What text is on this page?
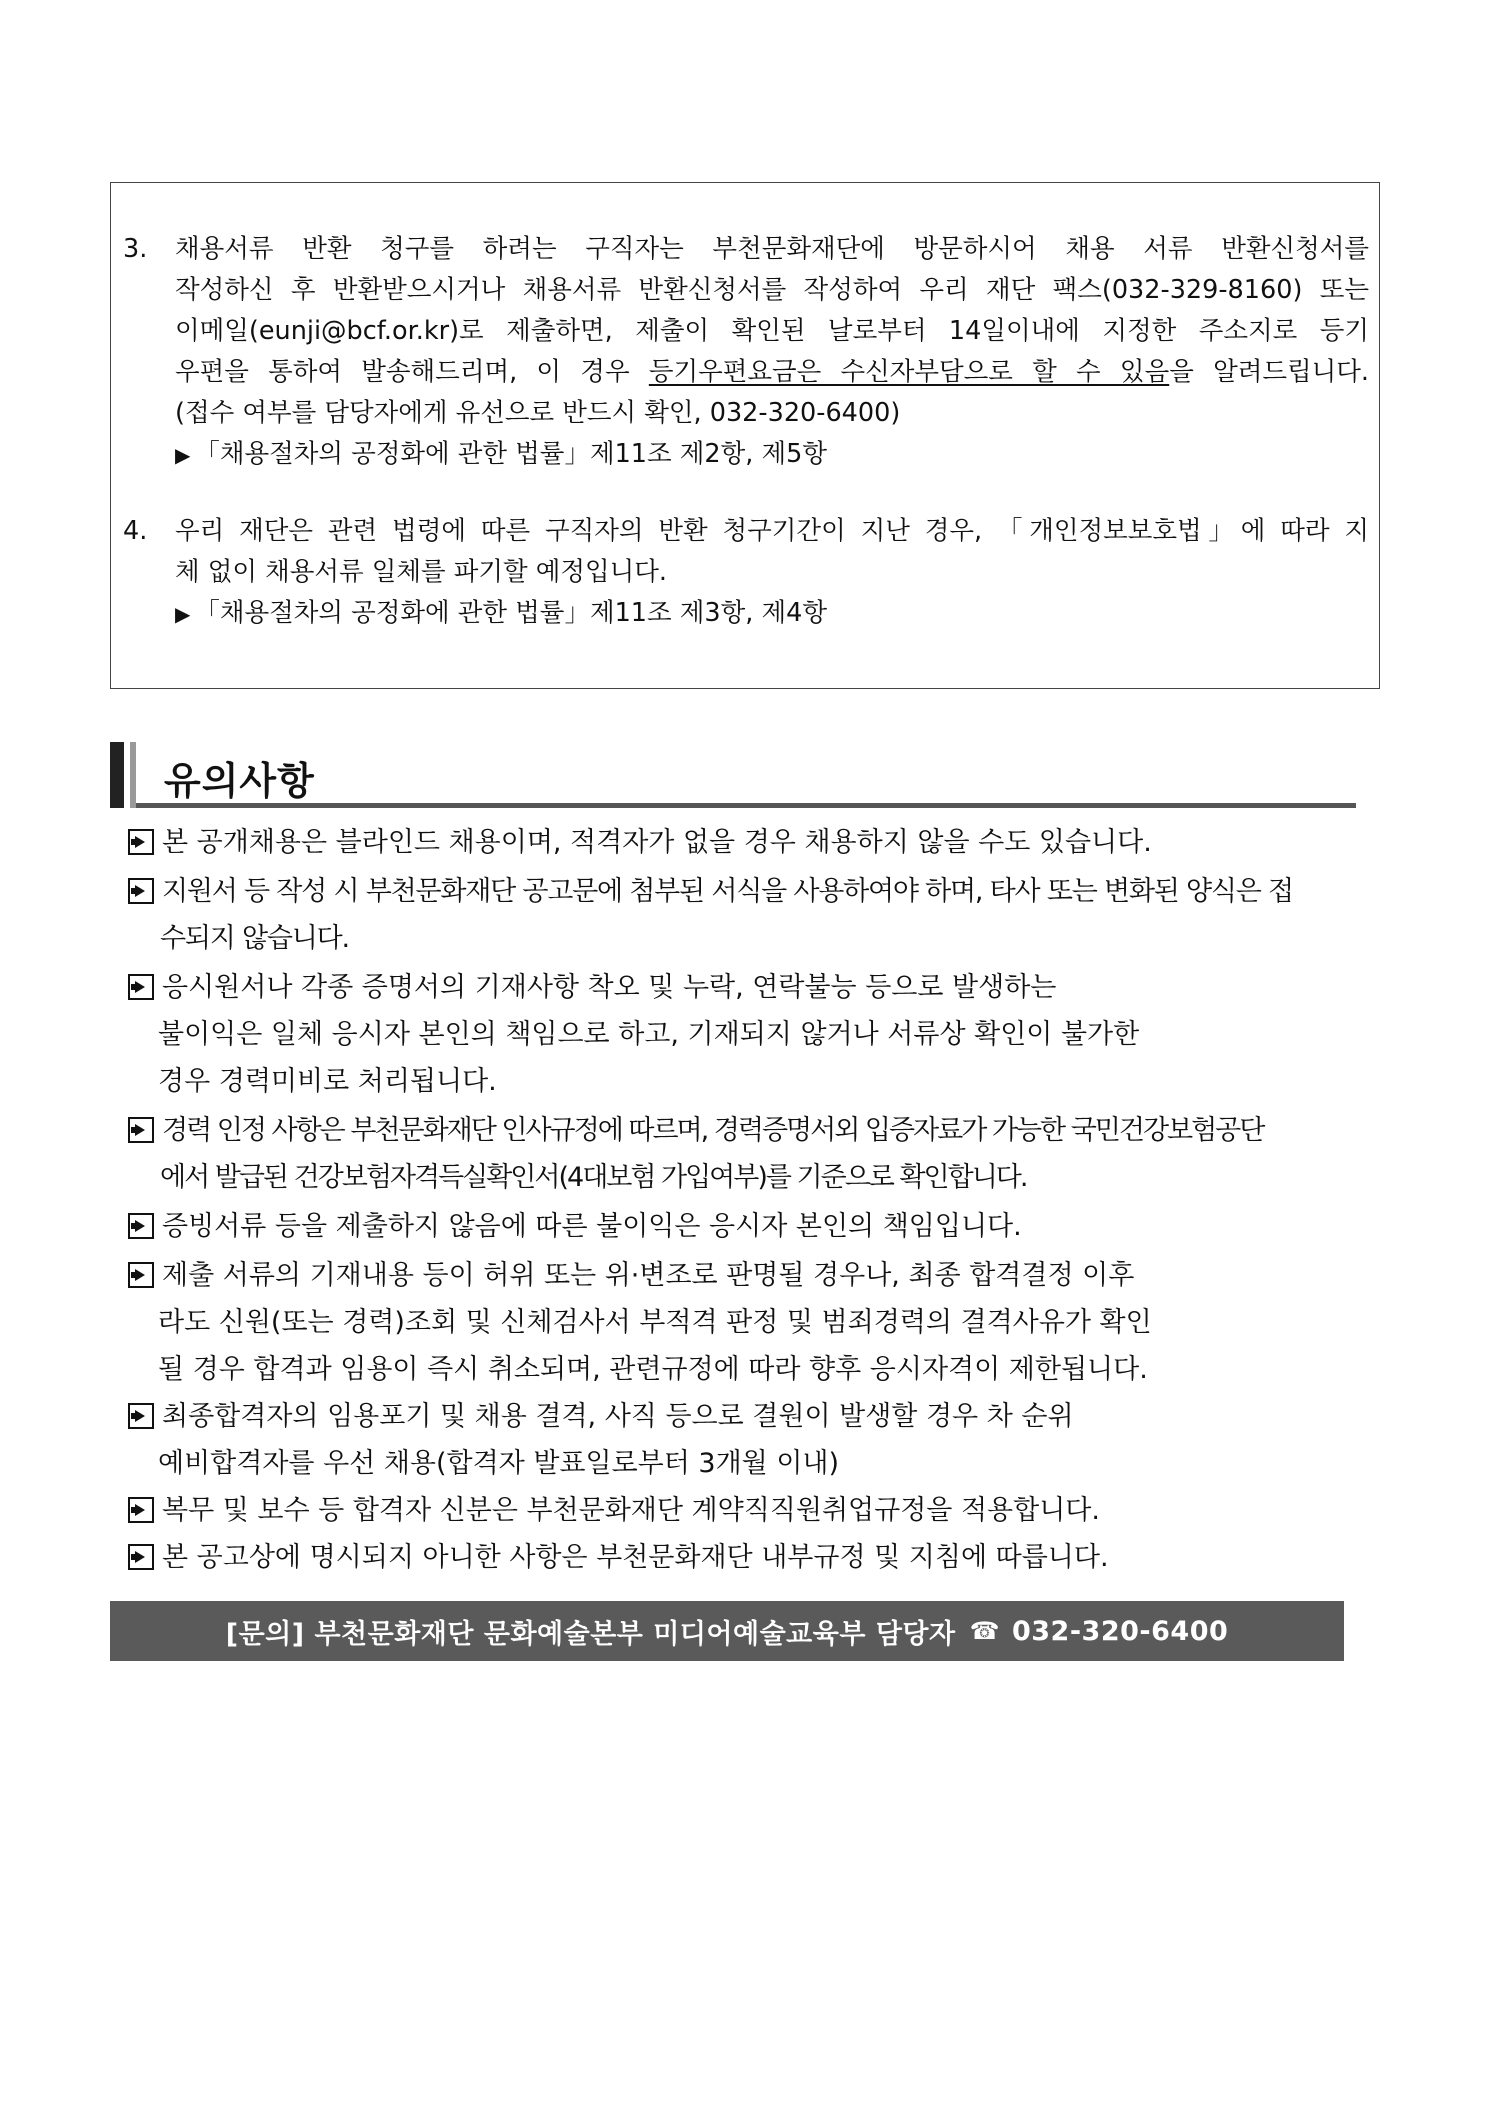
3. 채용서류 반환 청구를 하려는 구직자는 부천문화재단에 방문하시어 채용 서류 반환신청서를
작성하신 후 반환받으시거나 채용서류 반환신청서를 작성하여 우리 재단 팩스(032-329-8160) 또는
이메일(eunji@bcf.or.kr)로 제출하면, 제출이 확인된 날로부터 14일이내에 지정한 주소지로 등기
우편을 통하여 발송해드리며, 이 경우 등기우편요금은 수신자부담으로 할 수 있음을 알려드립니다.
(접수 여부를 담당자에게 유선으로 반드시 확인, 032-320-6400)
▶ 「채용절차의 공정화에 관한 법률」제11조 제2항, 제5항
4. 우리 재단은 관련 법령에 따른 구직자의 반환 청구기간이 지난 경우, 「개인정보보호법」에 따라 지
체 없이 채용서류 일체를 파기할 예정입니다.
▶ 「채용절차의 공정화에 관한 법률」제11조 제3항, 제4항
유의사항
본 공개채용은 블라인드 채용이며, 적격자가 없을 경우 채용하지 않을 수도 있습니다.
지원서 등 작성 시 부천문화재단 공고문에 첨부된 서식을 사용하여야 하며, 타사 또는 변화된 양식은 접
수되지 않습니다.
응시원서나 각종 증명서의 기재사항 착오 및 누락, 연락불능 등으로 발생하는
불이익은 일체 응시자 본인의 책임으로 하고, 기재되지 않거나 서류상 확인이 불가한
경우 경력미비로 처리됩니다.
경력 인정 사항은 부천문화재단 인사규정에 따르며, 경력증명서외 입증자료가 가능한 국민건강보험공단
에서 발급된 건강보험자격득실확인서(4대보험 가입여부)를 기준으로 확인합니다.
증빙서류 등을 제출하지 않음에 따른 불이익은 응시자 본인의 책임입니다.
제출 서류의 기재내용 등이 허위 또는 위·변조로 판명될 경우나, 최종 합격결정 이후
라도 신원(또는 경력)조회 및 신체검사서 부적격 판정 및 범죄경력의 결격사유가 확인
될 경우 합격과 임용이 즉시 취소되며, 관련규정에 따라 향후 응시자격이 제한됩니다.
최종합격자의 임용포기 및 채용 결격, 사직 등으로 결원이 발생할 경우 차 순위
예비합격자를 우선 채용(합격자 발표일로부터 3개월 이내)
복무 및 보수 등 합격자 신분은 부천문화재단 계약직직원취업규정을 적용합니다.
본 공고상에 명시되지 아니한 사항은 부천문화재단 내부규정 및 지침에 따릅니다.
[문의] 부천문화재단 문화예술본부 미디어예술교육부 담당자 ☎ 032-320-6400
